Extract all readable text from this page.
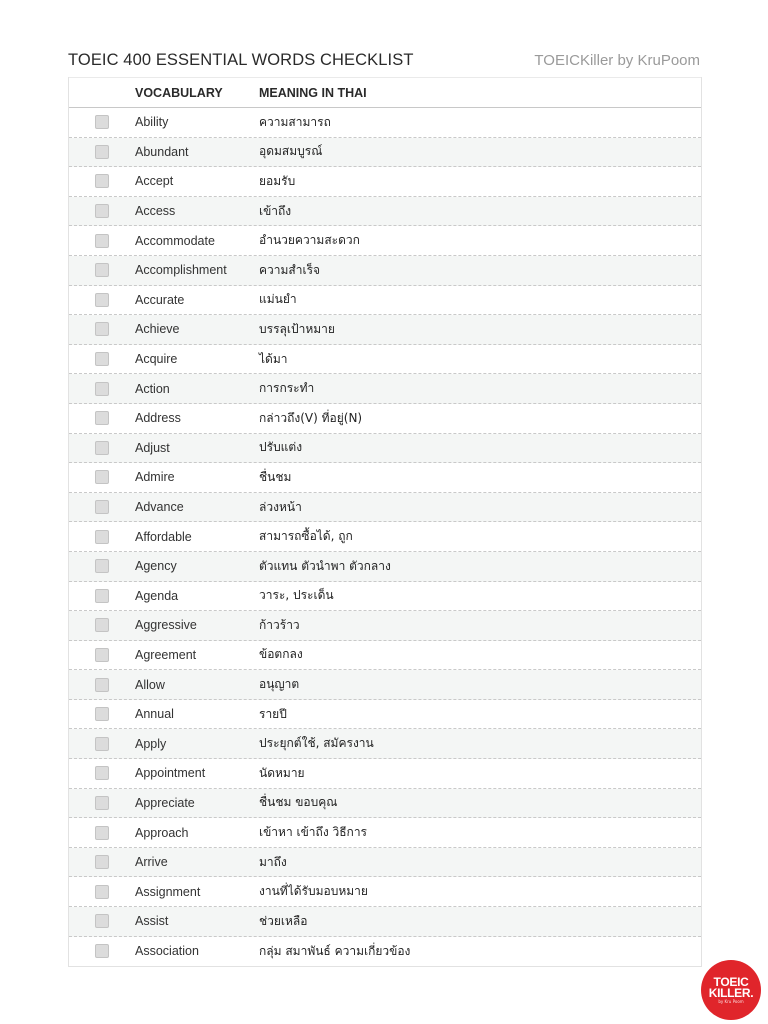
TOEIC 400 ESSENTIAL WORDS CHECKLIST	TOEICKiller by KruPoom
VOCABULARY	MEANING IN THAI
Ability	ความสามารถ
Abundant	อุดมสมบูรณ์
Accept	ยอมรับ
Access	เข้าถึง
Accommodate	อำนวยความสะดวก
Accomplishment	ความสำเร็จ
Accurate	แม่นยำ
Achieve	บรรลุเป้าหมาย
Acquire	ได้มา
Action	การกระทำ
Address	กล่าวถึง(V) ที่อยู่(N)
Adjust	ปรับแต่ง
Admire	ชื่นชม
Advance	ล่วงหน้า
Affordable	สามารถซื้อได้, ถูก
Agency	ตัวแทน ตัวนำพา ตัวกลาง
Agenda	วาระ, ประเด็น
Aggressive	ก้าวร้าว
Agreement	ข้อตกลง
Allow	อนุญาต
Annual	รายปี
Apply	ประยุกต์ใช้, สมัครงาน
Appointment	นัดหมาย
Appreciate	ชื่นชม ขอบคุณ
Approach	เข้าหา เข้าถึง วิธีการ
Arrive	มาถึง
Assignment	งานที่ได้รับมอบหมาย
Assist	ช่วยเหลือ
Association	กลุ่ม สมาพันธ์ ความเกี่ยวข้อง
TOEIC
KILLER.
by Kru Poom
